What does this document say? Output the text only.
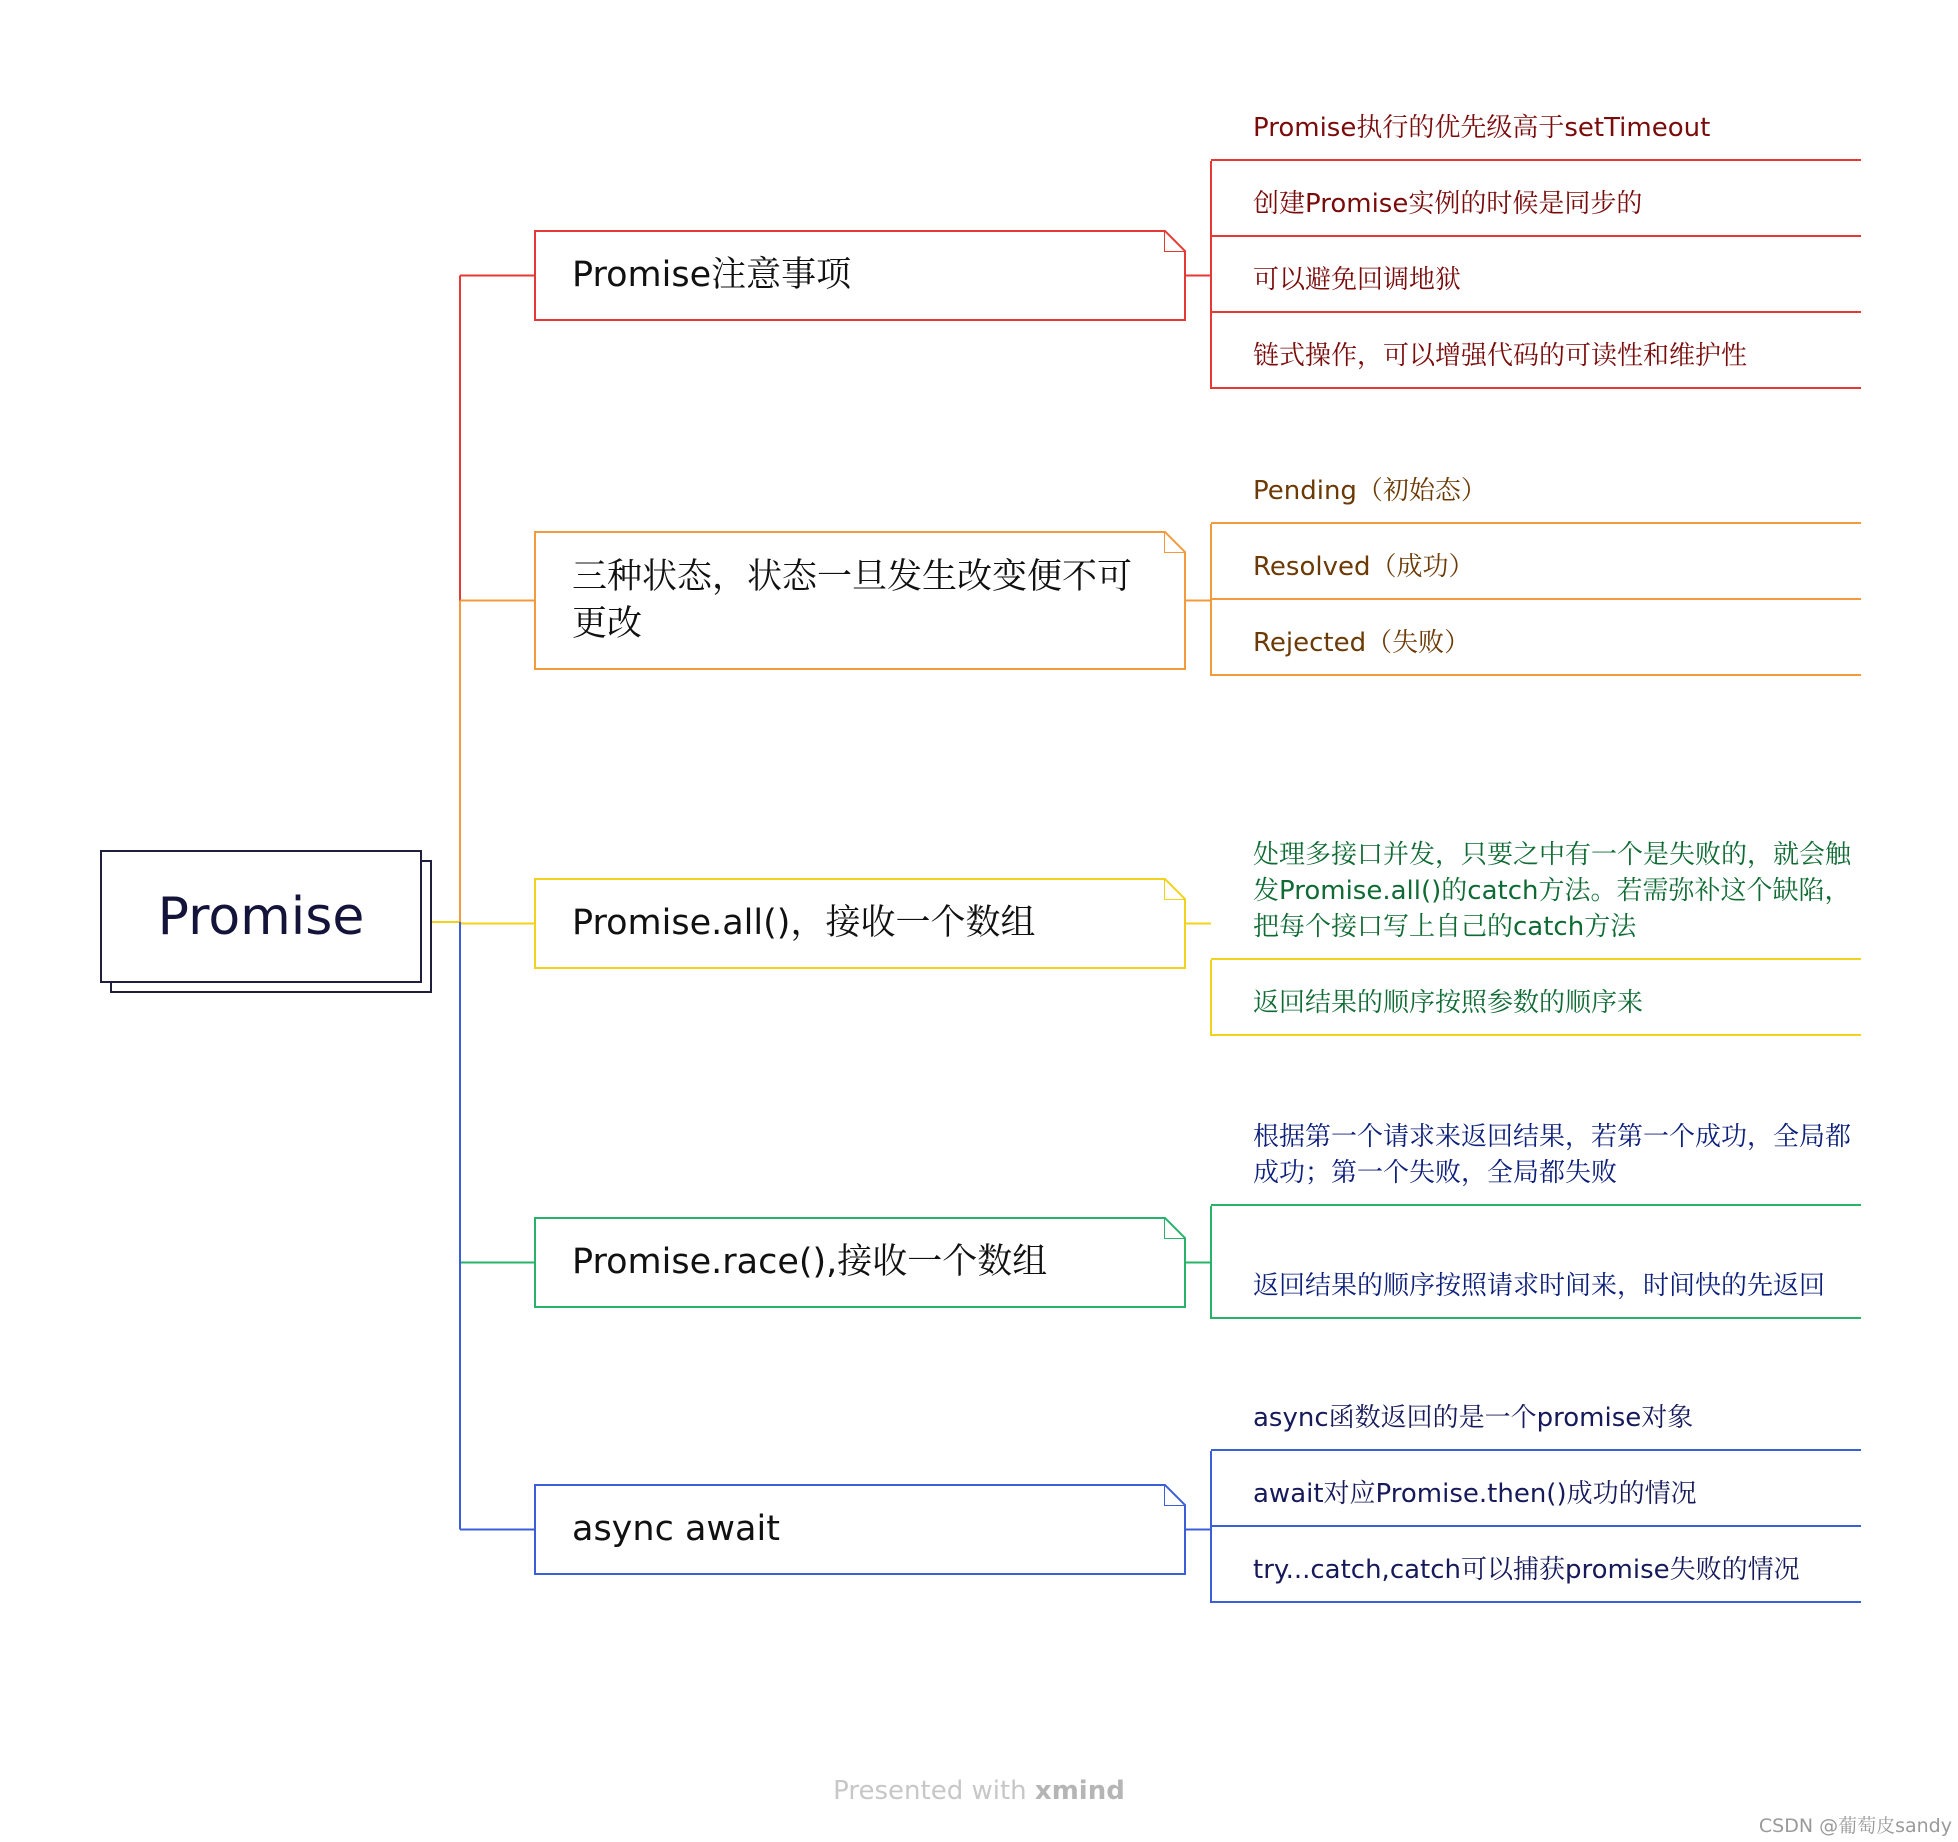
Promise
Promise注意事项
Promise执行的优先级高于setTimeout
创建Promise实例的时候是同步的
可以避免回调地狱
链式操作，可以增强代码的可读性和维护性
三种状态，状态一旦发生改变便不可更改
Pending（初始态）
Resolved（成功）
Rejected（失败）
Promise.all()，接收一个数组
处理多接口并发，只要之中有一个是失败的，就会触发Promise.all()的catch方法。若需弥补这个缺陷，把每个接口写上自己的catch方法
返回结果的顺序按照参数的顺序来
Promise.race(),接收一个数组
根据第一个请求来返回结果，若第一个成功，全局都成功；第一个失败，全局都失败
返回结果的顺序按照请求时间来，时间快的先返回
async await
async函数返回的是一个promise对象
await对应Promise.then()成功的情况
try...catch,catch可以捕获promise失败的情况
Presented with xmind
CSDN @葡萄皮sandy
